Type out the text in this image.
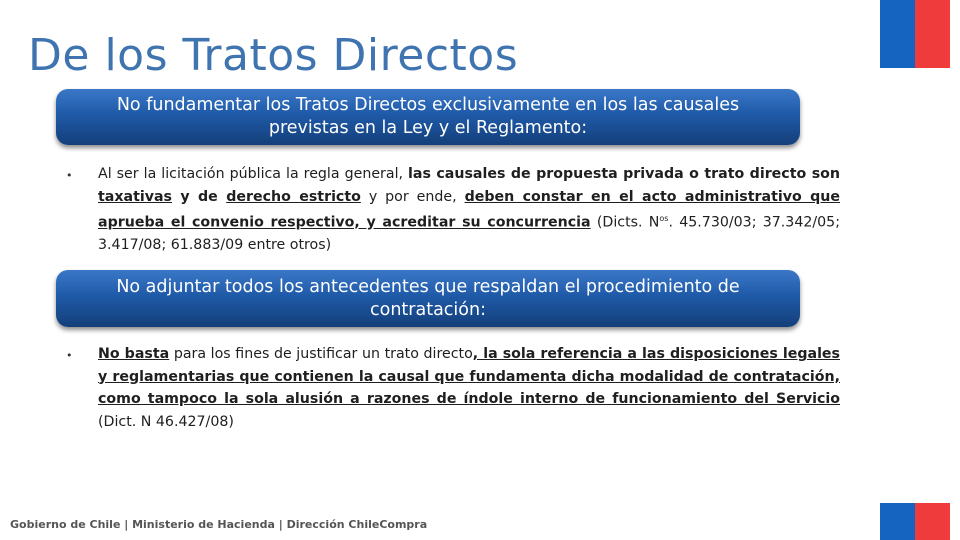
De los Tratos Directos
No fundamentar los Tratos Directos exclusivamente en los las causales previstas en la Ley y el Reglamento:
• Al ser la licitación pública la regla general, las causales de propuesta privada o trato directo son taxativas y de derecho estricto y por ende, deben constar en el acto administrativo que aprueba el convenio respectivo, y acreditar su concurrencia (Dicts. $N^{os}$. 45.730/03; 37.342/05; 3.417/08; 61.883/09 entre otros)
No adjuntar todos los antecedentes que respaldan el procedimiento de contratación:
• No basta para los fines de justificar un trato directo, la sola referencia a las disposiciones legales y reglamentarias que contienen la causal que fundamenta dicha modalidad de contratación, como tampoco la sola alusión a razones de índole interno de funcionamiento del Servicio (Dict. N 46.427/08)
Gobierno de Chile | Ministerio de Hacienda | Dirección ChileCompra
